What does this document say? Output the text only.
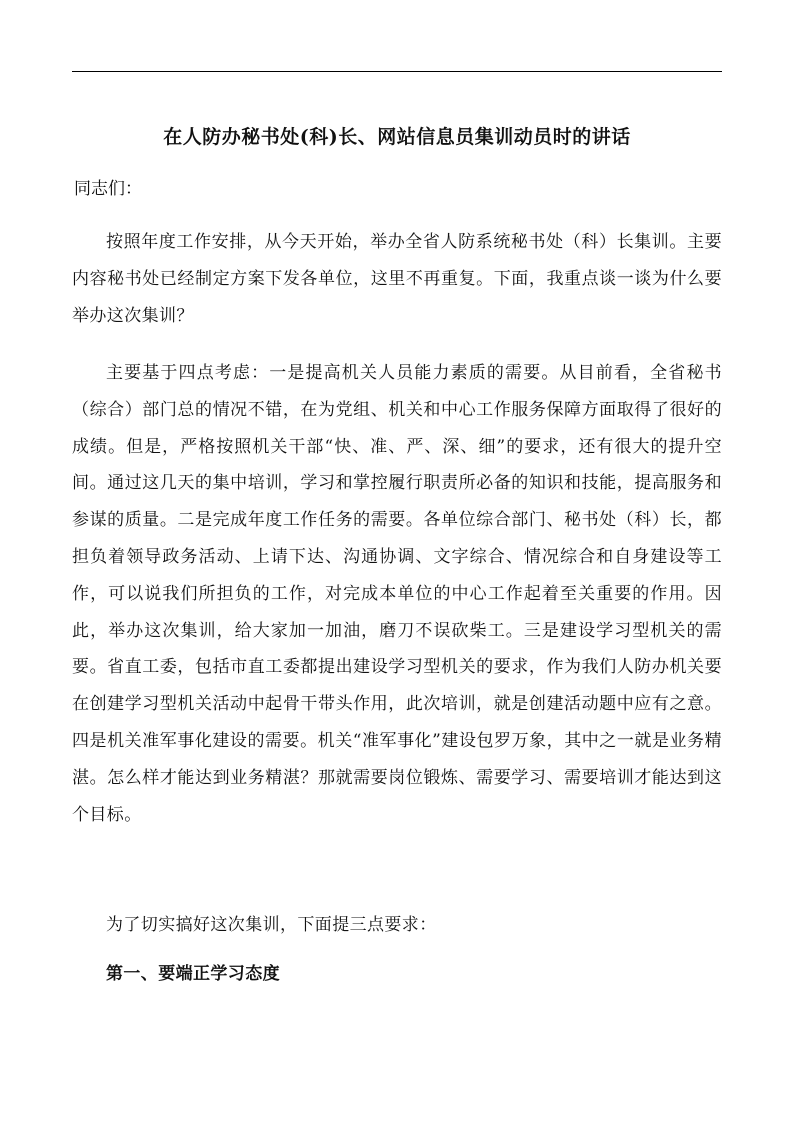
在人防办秘书处(科)长、网站信息员集训动员时的讲话
同志们：

按照年度工作安排，从今天开始，举办全省人防系统秘书处（科）长集训。主要内容秘书处已经制定方案下发各单位，这里不再重复。下面，我重点谈一谈为什么要举办这次集训？

主要基于四点考虑：一是提高机关人员能力素质的需要。从目前看，全省秘书（综合）部门总的情况不错，在为党组、机关和中心工作服务保障方面取得了很好的成绩。但是，严格按照机关干部“快、准、严、深、细”的要求，还有很大的提升空间。通过这几天的集中培训，学习和掌控履行职责所必备的知识和技能，提高服务和参谋的质量。二是完成年度工作任务的需要。各单位综合部门、秘书处（科）长，都担负着领导政务活动、上请下达、沟通协调、文字综合、情况综合和自身建设等工作，可以说我们所担负的工作，对完成本单位的中心工作起着至关重要的作用。因此，举办这次集训，给大家加一加油，磨刀不误砍柴工。三是建设学习型机关的需要。省直工委，包括市直工委都提出建设学习型机关的要求，作为我们人防办机关要在创建学习型机关活动中起骨干带头作用，此次培训，就是创建活动题中应有之意。四是机关准军事化建设的需要。机关“准军事化”建设包罗万象，其中之一就是业务精湛。怎么样才能达到业务精湛？那就需要岗位锻炼、需要学习、需要培训才能达到这个目标。

为了切实搞好这次集训，下面提三点要求：

第一、要端正学习态度
